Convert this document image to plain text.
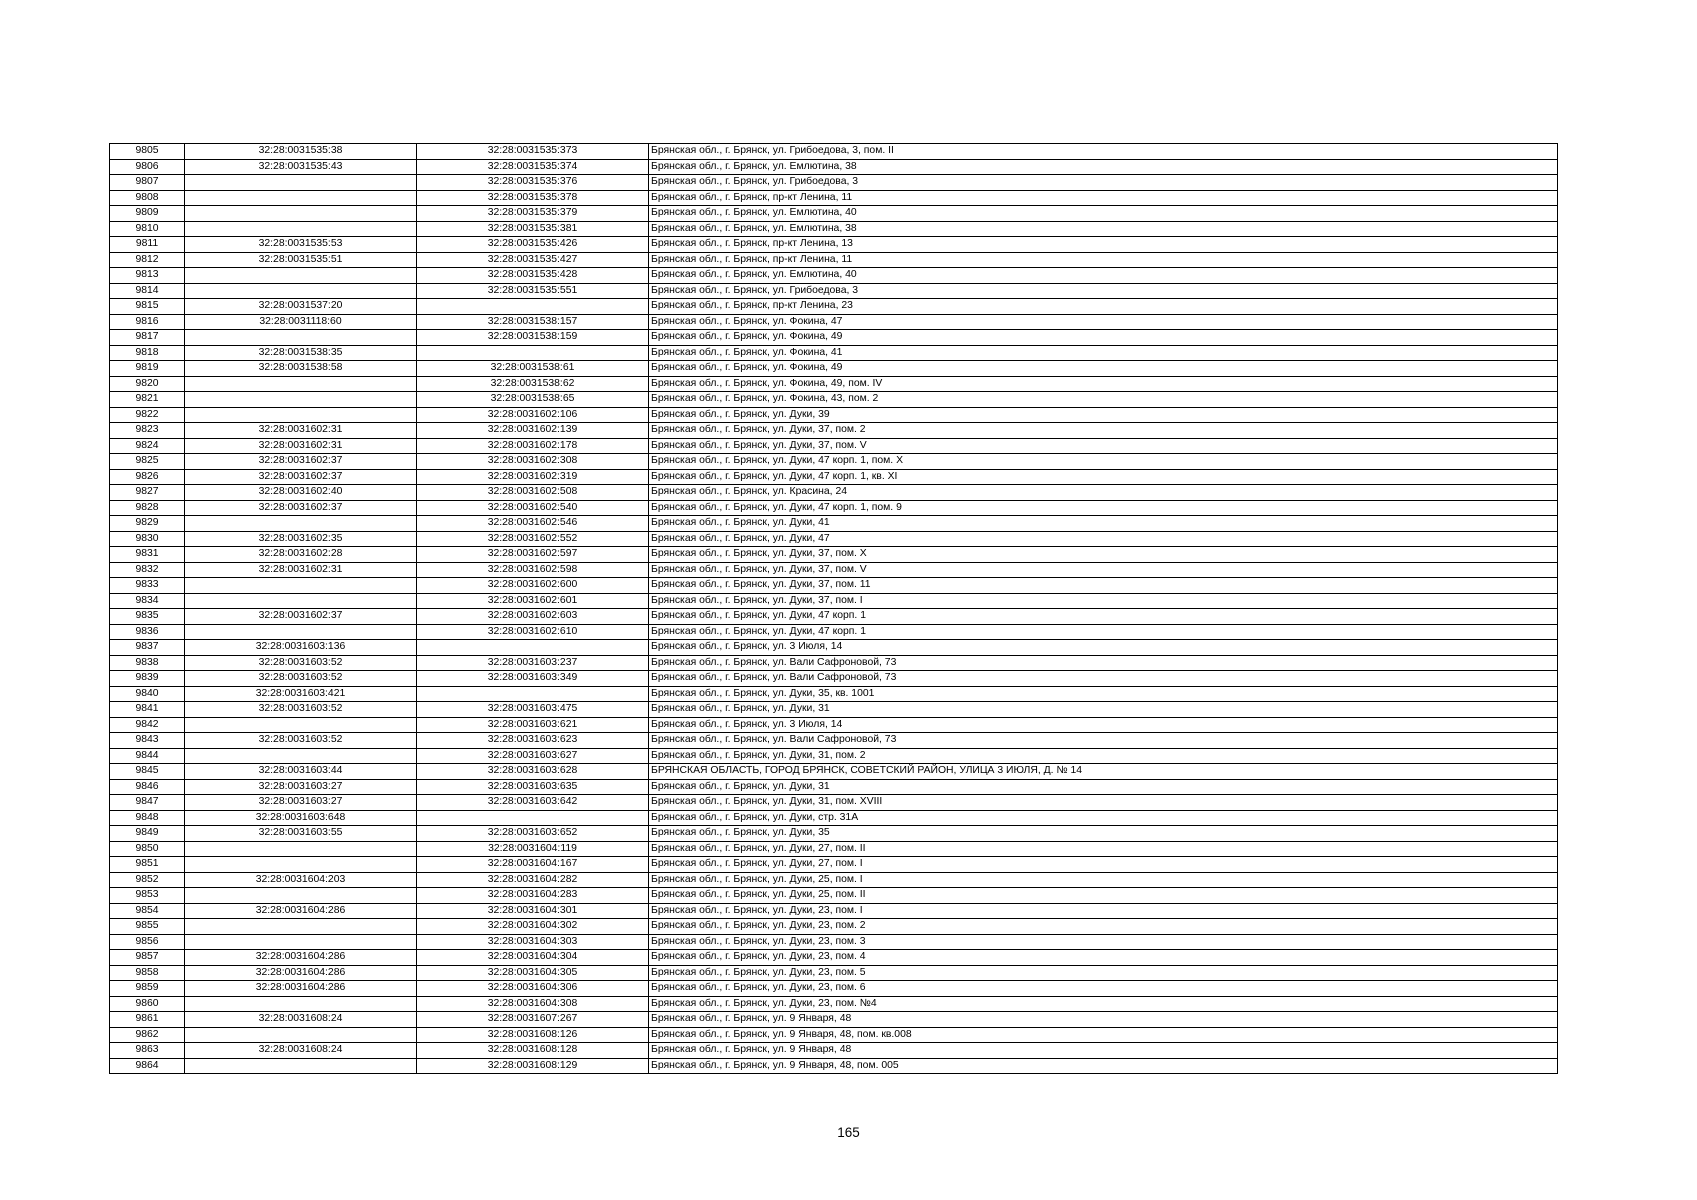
9805	32:28:0031535:38	32:28:0031535:373	Брянская обл., г. Брянск, ул. Грибоедова, 3, пом. II
9806	32:28:0031535:43	32:28:0031535:374	Брянская обл., г. Брянск, ул. Емлютина, 38
9807		32:28:0031535:376	Брянская обл., г. Брянск, ул. Грибоедова, 3
9808		32:28:0031535:378	Брянская обл., г. Брянск, пр-кт Ленина, 11
9809		32:28:0031535:379	Брянская обл., г. Брянск, ул. Емлютина, 40
9810		32:28:0031535:381	Брянская обл., г. Брянск, ул. Емлютина, 38
9811	32:28:0031535:53	32:28:0031535:426	Брянская обл., г. Брянск, пр-кт Ленина, 13
9812	32:28:0031535:51	32:28:0031535:427	Брянская обл., г. Брянск, пр-кт Ленина, 11
9813		32:28:0031535:428	Брянская обл., г. Брянск, ул. Емлютина, 40
9814		32:28:0031535:551	Брянская обл., г. Брянск, ул. Грибоедова, 3
9815	32:28:0031537:20		Брянская обл., г. Брянск, пр-кт Ленина, 23
9816	32:28:0031118:60	32:28:0031538:157	Брянская обл., г. Брянск, ул. Фокина, 47
9817		32:28:0031538:159	Брянская обл., г. Брянск, ул. Фокина, 49
9818	32:28:0031538:35		Брянская обл., г. Брянск, ул. Фокина, 41
9819	32:28:0031538:58	32:28:0031538:61	Брянская обл., г. Брянск, ул. Фокина, 49
9820		32:28:0031538:62	Брянская обл., г. Брянск, ул. Фокина, 49, пом. IV
9821		32:28:0031538:65	Брянская обл., г. Брянск, ул. Фокина, 43, пом. 2
9822		32:28:0031602:106	Брянская обл., г. Брянск, ул. Дуки, 39
9823	32:28:0031602:31	32:28:0031602:139	Брянская обл., г. Брянск, ул. Дуки, 37, пом. 2
9824	32:28:0031602:31	32:28:0031602:178	Брянская обл., г. Брянск, ул. Дуки, 37, пом. V
9825	32:28:0031602:37	32:28:0031602:308	Брянская обл., г. Брянск, ул. Дуки, 47 корп. 1, пом. X
9826	32:28:0031602:37	32:28:0031602:319	Брянская обл., г. Брянск, ул. Дуки, 47 корп. 1, кв. XI
9827	32:28:0031602:40	32:28:0031602:508	Брянская обл., г. Брянск, ул. Красина, 24
9828	32:28:0031602:37	32:28:0031602:540	Брянская обл., г. Брянск, ул. Дуки, 47 корп. 1, пом. 9
9829		32:28:0031602:546	Брянская обл., г. Брянск, ул. Дуки, 41
9830	32:28:0031602:35	32:28:0031602:552	Брянская обл., г. Брянск, ул. Дуки, 47
9831	32:28:0031602:28	32:28:0031602:597	Брянская обл., г. Брянск, ул. Дуки, 37, пом. X
9832	32:28:0031602:31	32:28:0031602:598	Брянская обл., г. Брянск, ул. Дуки, 37, пом. V
9833		32:28:0031602:600	Брянская обл., г. Брянск, ул. Дуки, 37, пом. 11
9834		32:28:0031602:601	Брянская обл., г. Брянск, ул. Дуки, 37, пом. I
9835	32:28:0031602:37	32:28:0031602:603	Брянская обл., г. Брянск, ул. Дуки, 47 корп. 1
9836		32:28:0031602:610	Брянская обл., г. Брянск, ул. Дуки, 47 корп. 1
9837	32:28:0031603:136		Брянская обл., г. Брянск, ул. 3 Июля, 14
9838	32:28:0031603:52	32:28:0031603:237	Брянская обл., г. Брянск, ул. Вали Сафроновой, 73
9839	32:28:0031603:52	32:28:0031603:349	Брянская обл., г. Брянск, ул. Вали Сафроновой, 73
9840	32:28:0031603:421		Брянская обл., г. Брянск, ул. Дуки, 35, кв. 1001
9841	32:28:0031603:52	32:28:0031603:475	Брянская обл., г. Брянск, ул. Дуки, 31
9842		32:28:0031603:621	Брянская обл., г. Брянск, ул. 3 Июля, 14
9843	32:28:0031603:52	32:28:0031603:623	Брянская обл., г. Брянск, ул. Вали Сафроновой, 73
9844		32:28:0031603:627	Брянская обл., г. Брянск, ул. Дуки, 31, пом. 2
9845	32:28:0031603:44	32:28:0031603:628	БРЯНСКАЯ ОБЛАСТЬ, ГОРОД БРЯНСК, СОВЕТСКИЙ РАЙОН, УЛИЦА 3 ИЮЛЯ, Д. № 14
9846	32:28:0031603:27	32:28:0031603:635	Брянская обл., г. Брянск, ул. Дуки, 31
9847	32:28:0031603:27	32:28:0031603:642	Брянская обл., г. Брянск, ул. Дуки, 31, пом. XVIII
9848	32:28:0031603:648		Брянская обл., г. Брянск, ул. Дуки, стр. 31А
9849	32:28:0031603:55	32:28:0031603:652	Брянская обл., г. Брянск, ул. Дуки, 35
9850		32:28:0031604:119	Брянская обл., г. Брянск, ул. Дуки, 27, пом. II
9851		32:28:0031604:167	Брянская обл., г. Брянск, ул. Дуки, 27, пом. I
9852	32:28:0031604:203	32:28:0031604:282	Брянская обл., г. Брянск, ул. Дуки, 25, пом. I
9853		32:28:0031604:283	Брянская обл., г. Брянск, ул. Дуки, 25, пом. II
9854	32:28:0031604:286	32:28:0031604:301	Брянская обл., г. Брянск, ул. Дуки, 23, пом. I
9855		32:28:0031604:302	Брянская обл., г. Брянск, ул. Дуки, 23, пом. 2
9856		32:28:0031604:303	Брянская обл., г. Брянск, ул. Дуки, 23, пом. 3
9857	32:28:0031604:286	32:28:0031604:304	Брянская обл., г. Брянск, ул. Дуки, 23, пом. 4
9858	32:28:0031604:286	32:28:0031604:305	Брянская обл., г. Брянск, ул. Дуки, 23, пом. 5
9859	32:28:0031604:286	32:28:0031604:306	Брянская обл., г. Брянск, ул. Дуки, 23, пом. 6
9860		32:28:0031604:308	Брянская обл., г. Брянск, ул. Дуки, 23, пом. №4
9861	32:28:0031608:24	32:28:0031607:267	Брянская обл., г. Брянск, ул. 9 Января, 48
9862		32:28:0031608:126	Брянская обл., г. Брянск, ул. 9 Января, 48, пом. кв.008
9863	32:28:0031608:24	32:28:0031608:128	Брянская обл., г. Брянск, ул. 9 Января, 48
9864		32:28:0031608:129	Брянская обл., г. Брянск, ул. 9 Января, 48, пом. 005
165
